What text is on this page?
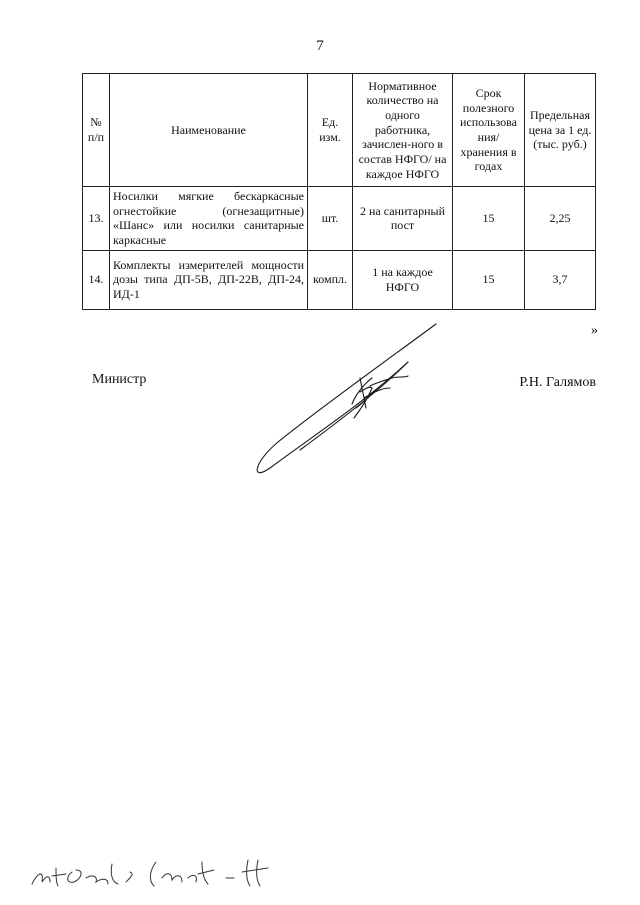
7
№ п/п	Наименование	Ед. изм.	Нормативное количество на одного работника, зачислен-ного в состав НФГО/ на каждое НФГО	Срок полезного использова ния/ хранения в годах	Предельная цена за 1 ед. (тыс. руб.)
13.	Носилки мягкие бескаркасные огнестойкие (огнезащитные) «Шанс» или носилки санитарные каркасные	шт.	2 на санитарный пост	15	2,25
14.	Комплекты измерителей мощности дозы типа ДП-5В, ДП-22В, ДП-24, ИД-1	компл.	1 на каждое НФГО	15	3,7
»
Министр	Р.Н. Галямов
